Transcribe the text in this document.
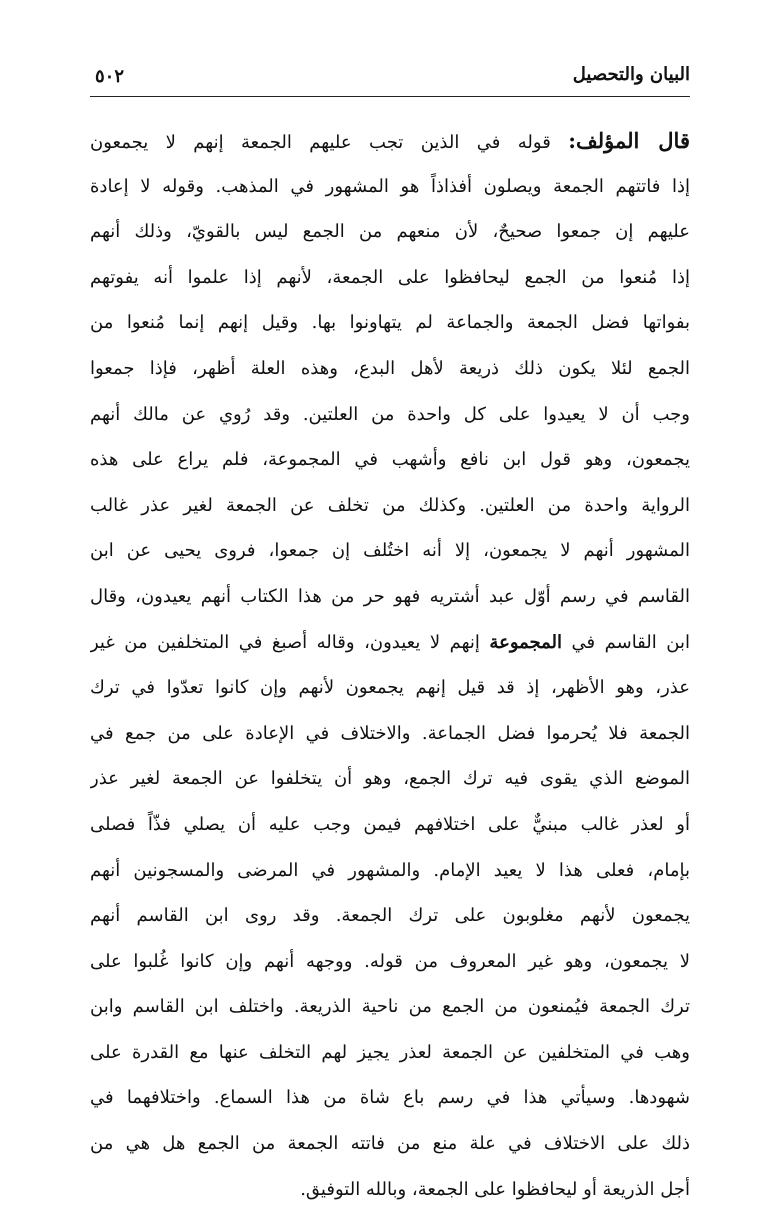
٥٠٢	البيان والتحصيل
قال المؤلف: قوله في الذين تجب عليهم الجمعة إنهم لا يجمعون
إذا فاتتهم الجمعة ويصلون أفذاذاً هو المشهور في المذهب. وقوله لا إعادة
عليهم إن جمعوا صحيحٌ، لأن منعهم من الجمع ليس بالقويّ، وذلك أنهم
إذا مُنعوا من الجمع ليحافظوا على الجمعة، لأنهم إذا علموا أنه يفوتهم
بفواتها فضل الجمعة والجماعة لم يتهاونوا بها. وقيل إنهم إنما مُنعوا من
الجمع لئلا يكون ذلك ذريعة لأهل البدع، وهذه العلة أظهر، فإذا جمعوا
وجب أن لا يعيدوا على كل واحدة من العلتين. وقد رُوي عن مالك أنهم
يجمعون، وهو قول ابن نافع وأشهب في المجموعة، فلم يراع على هذه
الرواية واحدة من العلتين. وكذلك من تخلف عن الجمعة لغير عذر غالب
المشهور أنهم لا يجمعون، إلا أنه اختُلف إن جمعوا، فروى يحيى عن ابن
القاسم في رسم أوّل عبد أشتريه فهو حر من هذا الكتاب أنهم يعيدون، وقال
ابن القاسم في المجموعة إنهم لا يعيدون، وقاله أصبغ في المتخلفين من غير
عذر، وهو الأظهر، إذ قد قيل إنهم يجمعون لأنهم وإن كانوا تعدّوا في ترك
الجمعة فلا يُحرموا فضل الجماعة. والاختلاف في الإعادة على من جمع في
الموضع الذي يقوى فيه ترك الجمع، وهو أن يتخلفوا عن الجمعة لغير عذر
أو لعذر غالب مبنيٌّ على اختلافهم فيمن وجب عليه أن يصلي فذّاً فصلى
بإمام، فعلى هذا لا يعيد الإمام. والمشهور في المرضى والمسجونين أنهم
يجمعون لأنهم مغلوبون على ترك الجمعة. وقد روى ابن القاسم أنهم
لا يجمعون، وهو غير المعروف من قوله. ووجهه أنهم وإن كانوا غُلبوا على
ترك الجمعة فيُمنعون من الجمع من ناحية الذريعة. واختلف ابن القاسم وابن
وهب في المتخلفين عن الجمعة لعذر يجيز لهم التخلف عنها مع القدرة على
شهودها. وسيأتي هذا في رسم باع شاة من هذا السماع. واختلافهما في
ذلك على الاختلاف في علة منع من فاتته الجمعة من الجمع هل هي من
أجل الذريعة أو ليحافظوا على الجمعة، وبالله التوفيق.
